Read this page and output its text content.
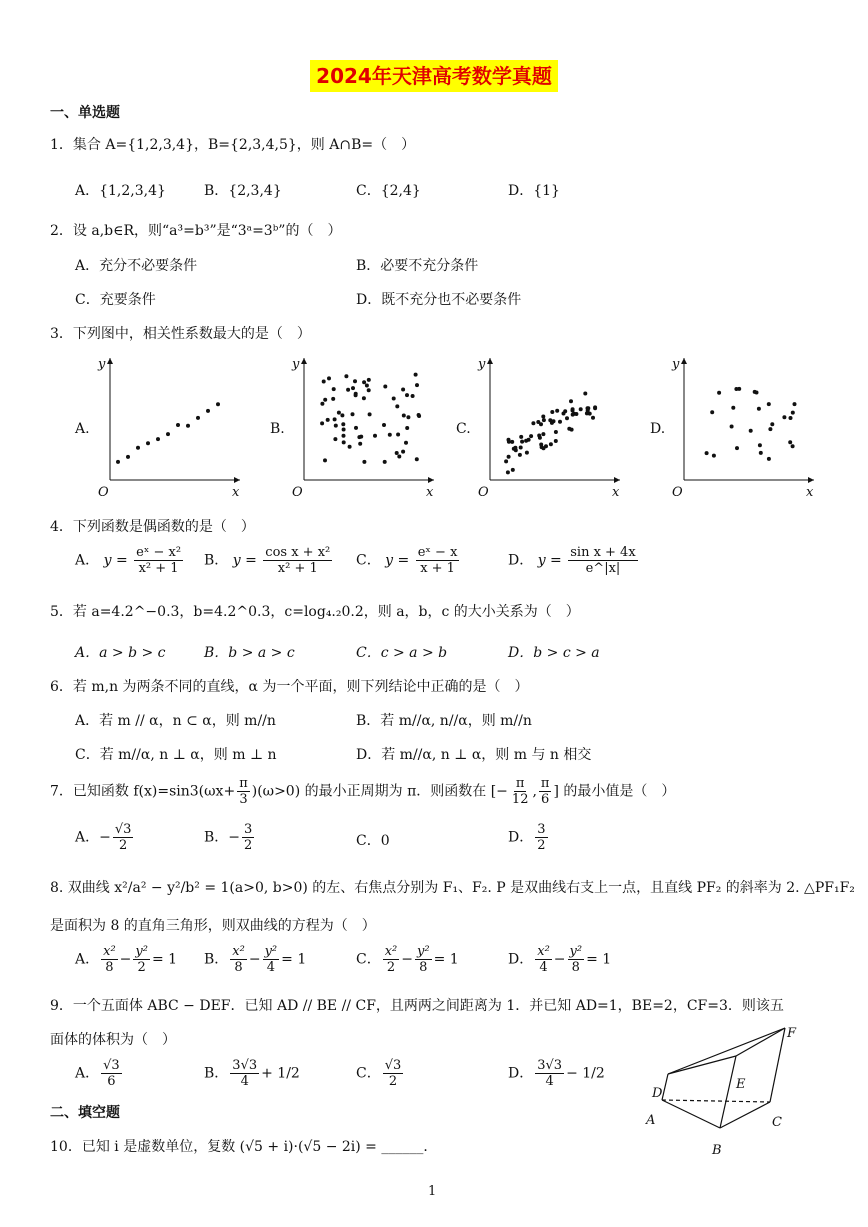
2024年天津高考数学真题
一、单选题
1．集合 A={1,2,3,4}，B={2,3,4,5}，则 A∩B=（　）
A．{1,2,3,4}	B．{2,3,4}	C．{2,4}	D．{1}
2．设 a,b∈R，则“a³=b³”是“3ᵃ=3ᵇ”的（　）
A．充分不必要条件	B．必要不充分条件
C．充要条件	D．既不充分也不必要条件
3．下列图中，相关性系数最大的是（　）
A.	B.	C.	D.
y
x
O
y
x
O
y
x
O
y
x
O
4．下列函数是偶函数的是（　）
A． $y = \frac{\text{eˣ − x²}}{\text{x² + 1}}$ B． $y = \frac{\text{cos x + x²}}{\text{x² + 1}}$ C． $y = \frac{\text{eˣ − x}}{x + 1}$	D． $y = \frac{\text{sin x + 4x}}{e\^{}|x|}$
5．若 a=4.2^−0.3，b=4.2^0.3，c=log₄.₂0.2，则 a，b，c 的大小关系为（　）
A．a > b > c	B．b > a > c	C．c > a > b	D．b > c > a
6．若 m,n 为两条不同的直线，α 为一个平面，则下列结论中正确的是（　）
A．若 m // α，n ⊂ α，则 m//n	B．若 m//α, n//α，则 m//n
C．若 m//α, n ⊥ α，则 m ⊥ n	D．若 m//α, n ⊥ α，则 m 与 n 相交
7．已知函数 $f(x)=\sin 3(\omega x+ \frac{\pi}{3} )(\omega>0)$ 的最小正周期为 π．则函数在 [− $\frac{\pi}{12}$ , $\frac{\pi}{6}$ ] 的最小值是（　）
A．− $\frac{√3}{2}$	B．− $\frac{3}{2}$	C．0	D． $\frac{3}{2}$
8. 双曲线 x²/a² − y²/b² = 1(a>0, b>0) 的左、右焦点分别为 F₁、F₂. P 是双曲线右支上一点，且直线 PF₂ 的斜率为 2. △PF₁F₂
是面积为 8 的直角三角形，则双曲线的方程为（　）
A． $\frac{\text{x²}}{8} - \frac{\text{y²}}{2} = 1$ B． $\frac{\text{x²}}{8} - \frac{\text{y²}}{4} = 1$	C． $\frac{\text{x²}}{2} - \frac{\text{y²}}{8} = 1$	D． $\frac{\text{x²}}{4} - \frac{\text{y²}}{8} = 1$
9．一个五面体 ABC − DEF．已知 AD // BE // CF，且两两之间距离为 1．并已知 AD=1，BE=2，CF=3．则该五
面体的体积为（　）
A． $\frac{√3}{6}$	B． $\frac{3√3}{4} + 1/2$	C． $\frac{√3}{2}$	D． $\frac{3√3}{4} - 1/2$
D
A
E
F
B
C
二、填空题
10．已知 i 是虚数单位，复数 (√5 + i)·(√5 − 2i) = ______．
1
